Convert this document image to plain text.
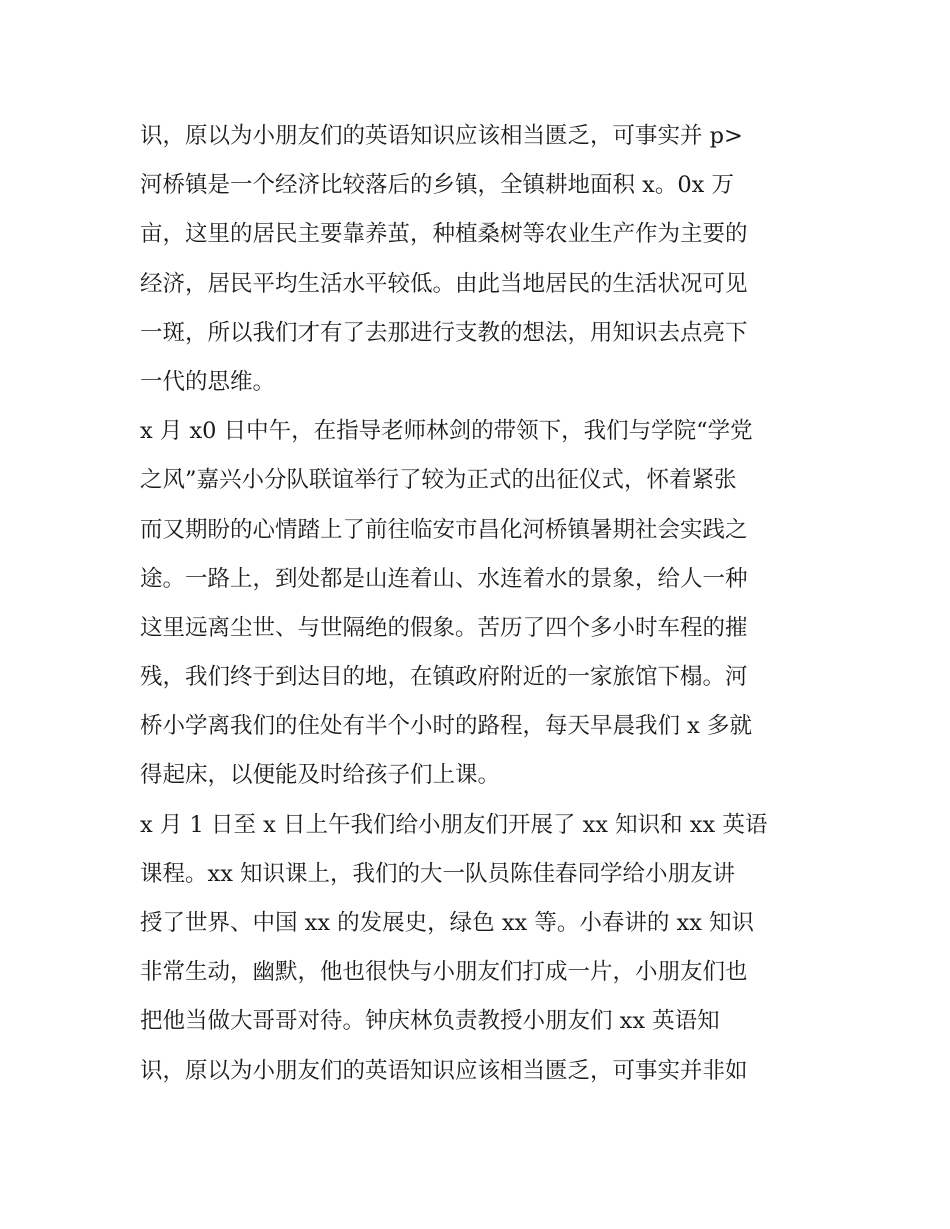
识，原以为小朋友们的英语知识应该相当匮乏，可事实并 p>
河桥镇是一个经济比较落后的乡镇，全镇耕地面积 x。0x 万
亩，这里的居民主要靠养茧，种植桑树等农业生产作为主要的
经济，居民平均生活水平较低。由此当地居民的生活状况可见
一斑，所以我们才有了去那进行支教的想法，用知识去点亮下
一代的思维。
x 月 x0 日中午，在指导老师林剑的带领下，我们与学院“学党
之风”嘉兴小分队联谊举行了较为正式的出征仪式，怀着紧张
而又期盼的心情踏上了前往临安市昌化河桥镇暑期社会实践之
途。一路上，到处都是山连着山、水连着水的景象，给人一种
这里远离尘世、与世隔绝的假象。苦历了四个多小时车程的摧
残，我们终于到达目的地，在镇政府附近的一家旅馆下榻。河
桥小学离我们的住处有半个小时的路程，每天早晨我们 x 多就
得起床，以便能及时给孩子们上课。
x 月 1 日至 x 日上午我们给小朋友们开展了 xx 知识和 xx 英语
课程。xx 知识课上，我们的大一队员陈佳春同学给小朋友讲
授了世界、中国 xx 的发展史，绿色 xx 等。小春讲的 xx 知识
非常生动，幽默，他也很快与小朋友们打成一片，小朋友们也
把他当做大哥哥对待。钟庆林负责教授小朋友们 xx 英语知
识，原以为小朋友们的英语知识应该相当匮乏，可事实并非如
